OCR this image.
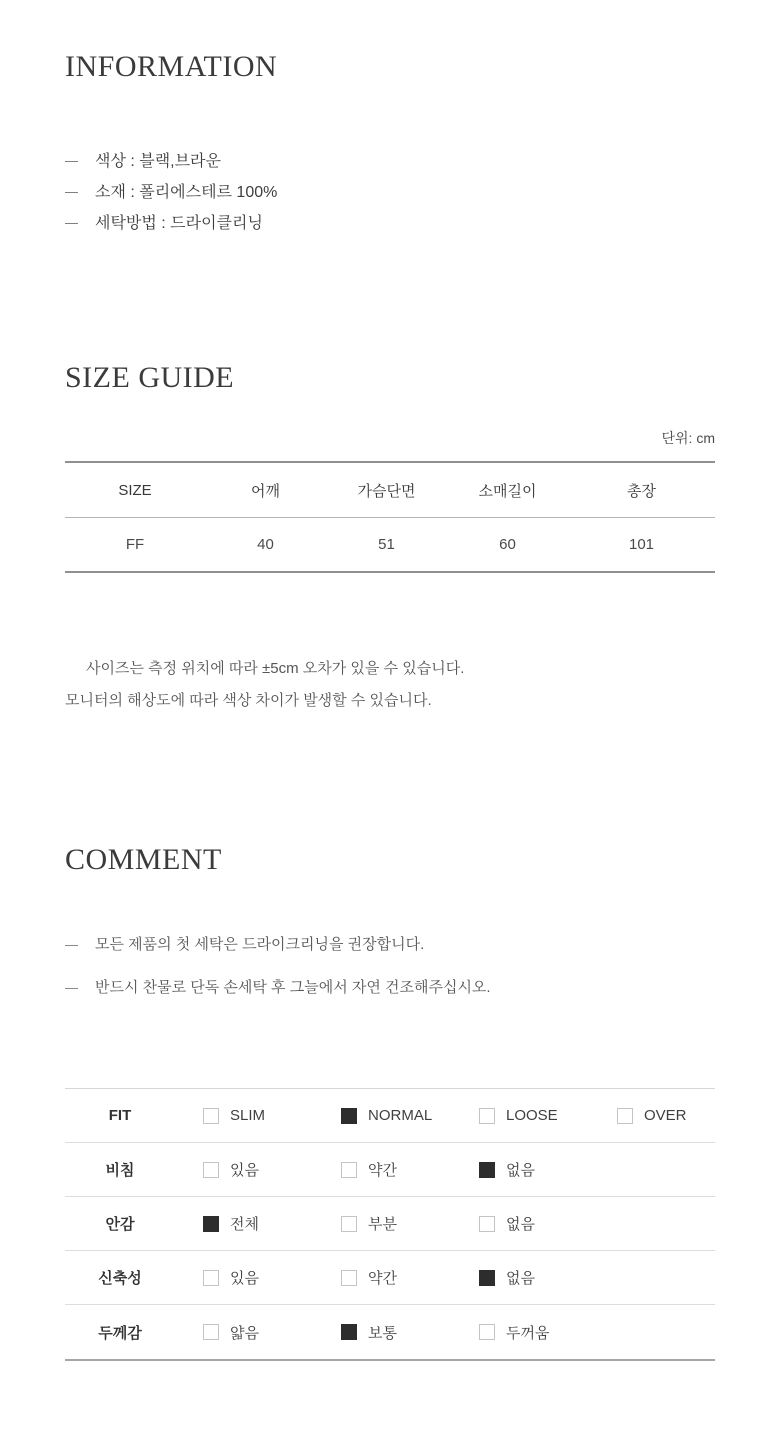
INFORMATION
색상 : 블랙,브라운
소재 : 폴리에스테르 100%
세탁방법 : 드라이클리닝
SIZE GUIDE
단위: cm
SIZE	어깨	가슴단면	소매길이	총장
FF	40	51	60	101
사이즈는 측정 위치에 따라 ±5cm 오차가 있을 수 있습니다.
모니터의 해상도에 따라 색상 차이가 발생할 수 있습니다.
COMMENT
모든 제품의 첫 세탁은 드라이크리닝을 권장합니다.
반드시 찬물로 단독 손세탁 후 그늘에서 자연 건조해주십시오.
FIT	SLIM	NORMAL	LOOSE	OVER
비침	있음	약간	없음
안감	전체	부분	없음
신축성	있음	약간	없음
두께감	얇음	보통	두꺼움
